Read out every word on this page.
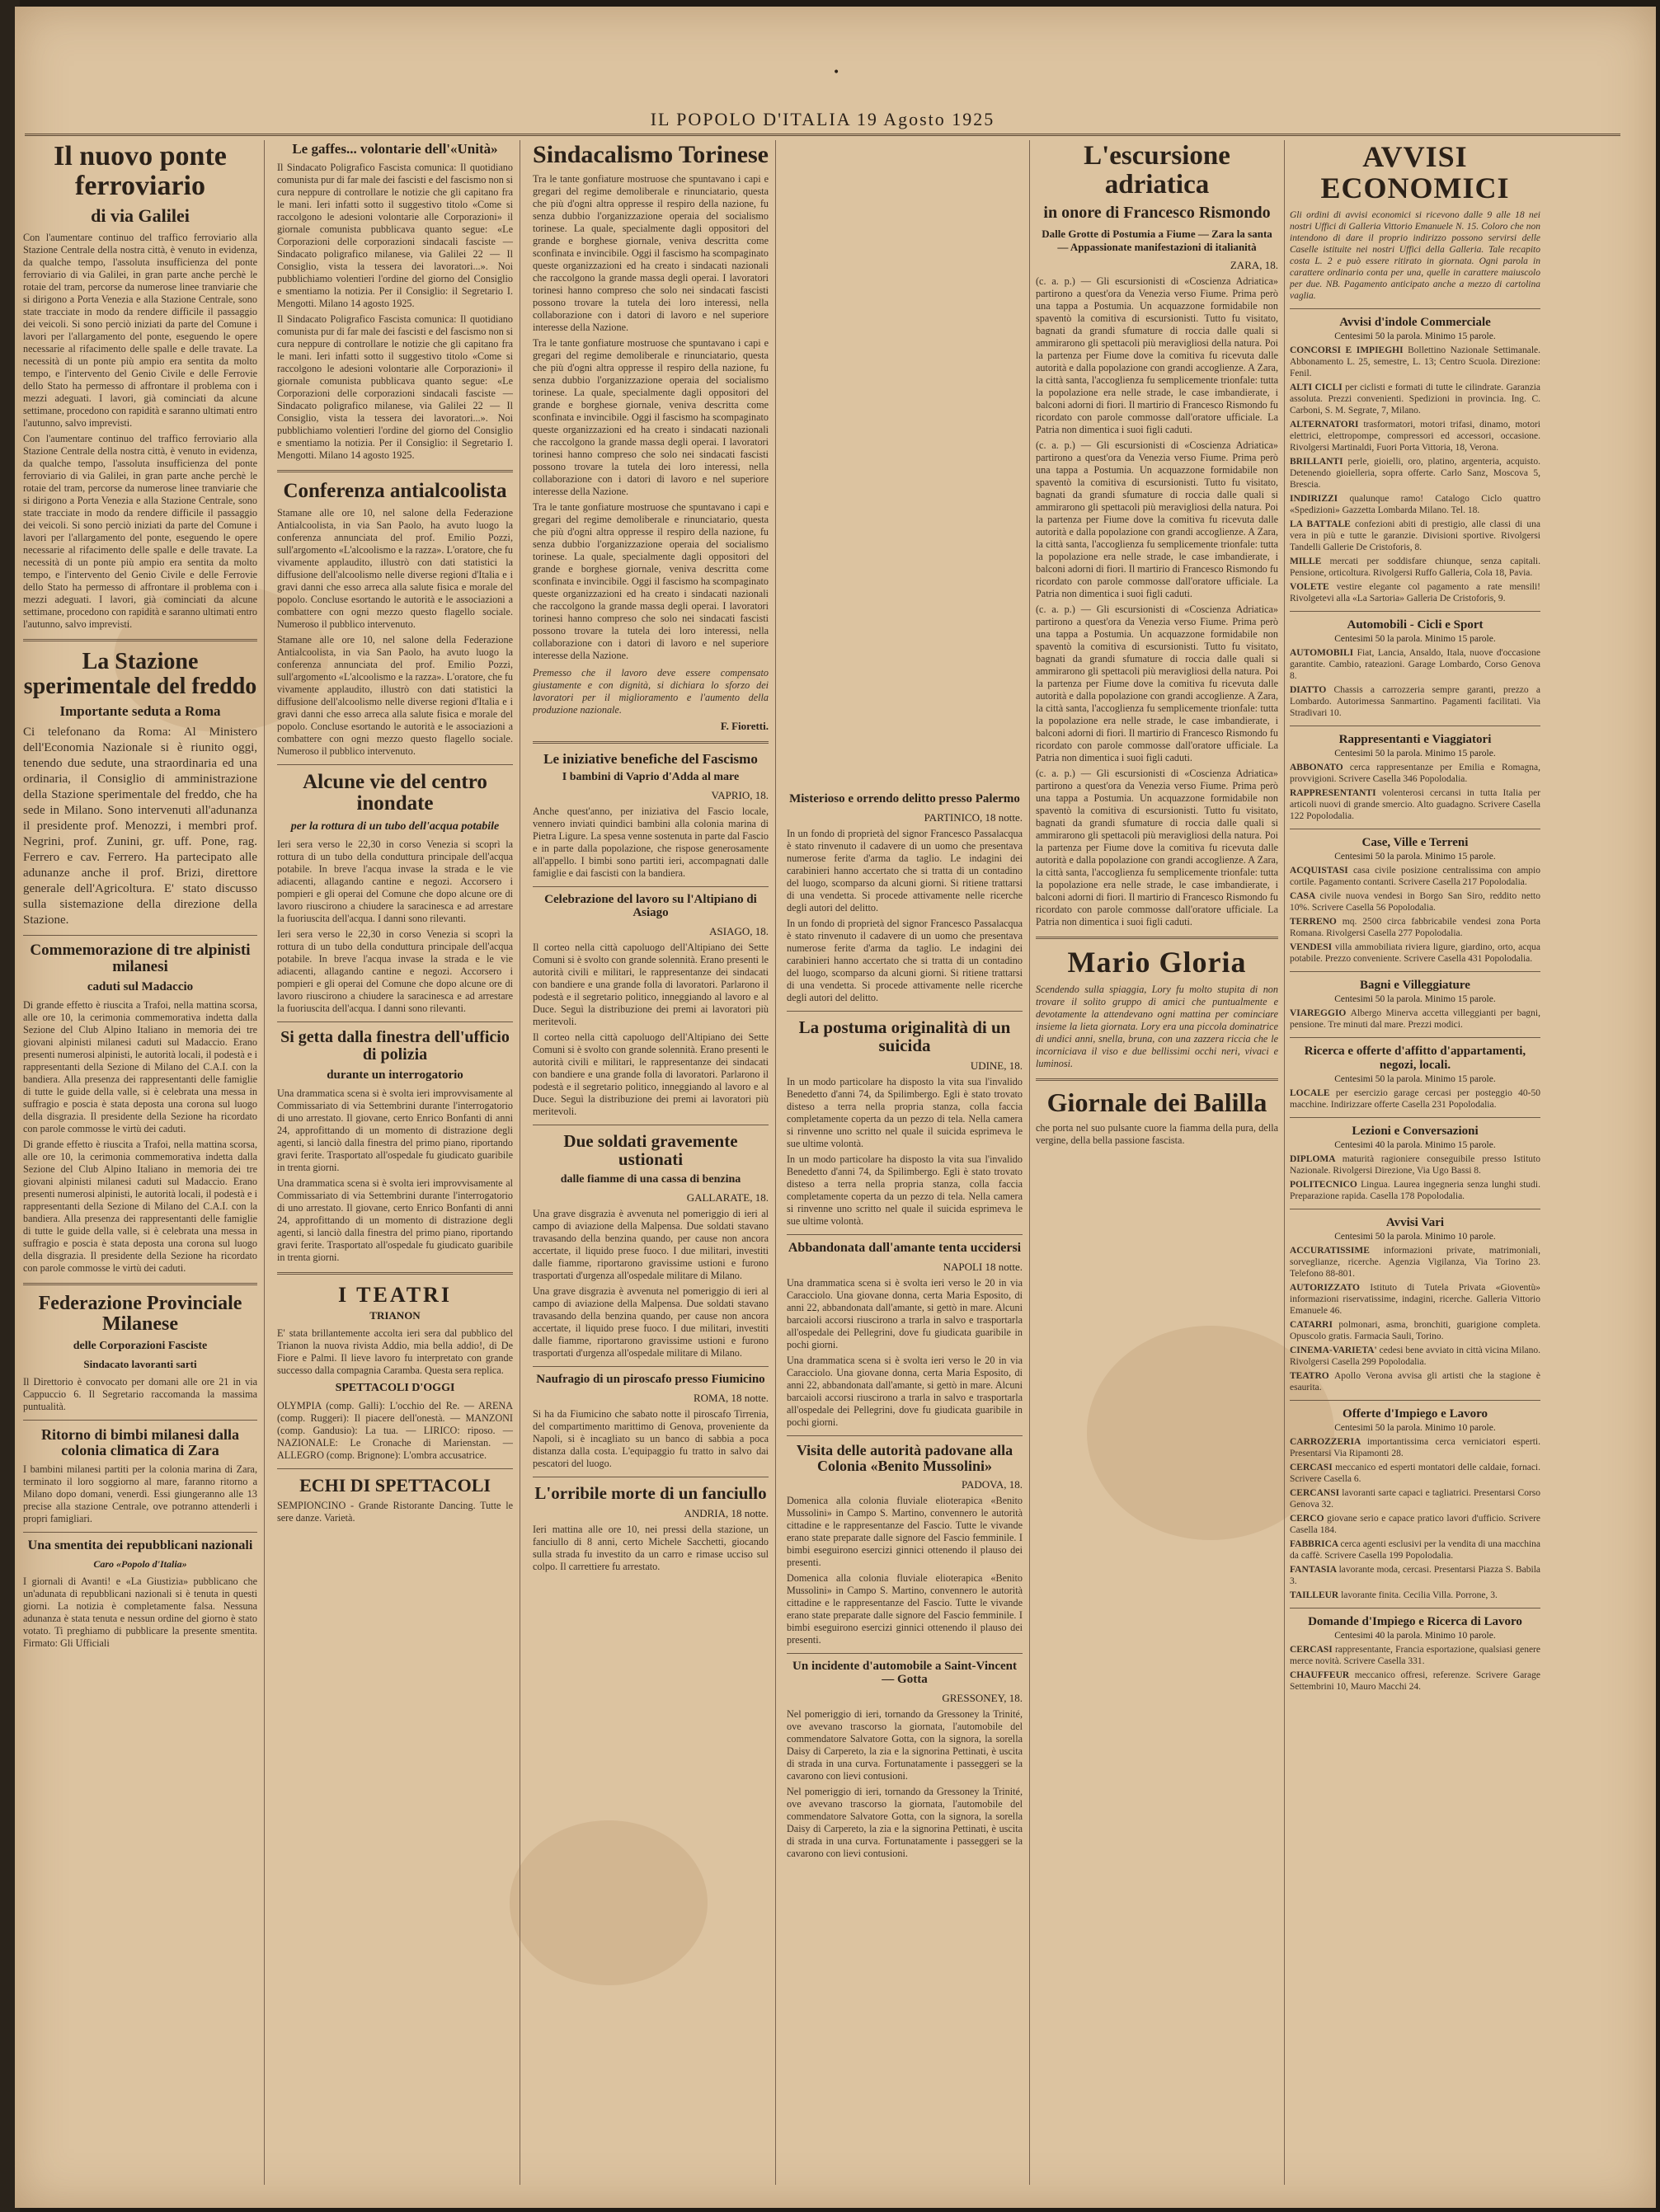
•
IL POPOLO D'ITALIA 19 Agosto 1925
Il nuovo ponte ferroviario
di via Galilei
Con l'aumentare continuo del traffico ferroviario alla Stazione Centrale della nostra città, è venuto in evidenza, da qualche tempo, l'assoluta insufficienza del ponte ferroviario di via Galilei, in gran parte anche perchè le rotaie del tram, percorse da numerose linee tranviarie che si dirigono a Porta Venezia e alla Stazione Centrale, sono state tracciate in modo da rendere difficile il passaggio dei veicoli. Si sono perciò iniziati da parte del Comune i lavori per l'allargamento del ponte, eseguendo le opere necessarie al rifacimento delle spalle e delle travate. La necessità di un ponte più ampio era sentita da molto tempo, e l'intervento del Genio Civile e delle Ferrovie dello Stato ha permesso di affrontare il problema con i mezzi adeguati. I lavori, già cominciati da alcune settimane, procedono con rapidità e saranno ultimati entro l'autunno, salvo imprevisti.
Con l'aumentare continuo del traffico ferroviario alla Stazione Centrale della nostra città, è venuto in evidenza, da qualche tempo, l'assoluta insufficienza del ponte ferroviario di via Galilei, in gran parte anche perchè le rotaie del tram, percorse da numerose linee tranviarie che si dirigono a Porta Venezia e alla Stazione Centrale, sono state tracciate in modo da rendere difficile il passaggio dei veicoli. Si sono perciò iniziati da parte del Comune i lavori per l'allargamento del ponte, eseguendo le opere necessarie al rifacimento delle spalle e delle travate. La necessità di un ponte più ampio era sentita da molto tempo, e l'intervento del Genio Civile e delle Ferrovie dello Stato ha permesso di affrontare il problema con i mezzi adeguati. I lavori, già cominciati da alcune settimane, procedono con rapidità e saranno ultimati entro l'autunno, salvo imprevisti.
La Stazione sperimentale del freddo
Importante seduta a Roma
Ci telefonano da Roma: Al Ministero dell'Economia Nazionale si è riunito oggi, tenendo due sedute, una straordinaria ed una ordinaria, il Consiglio di amministrazione della Stazione sperimentale del freddo, che ha sede in Milano. Sono intervenuti all'adunanza il presidente prof. Menozzi, i membri prof. Negrini, prof. Zunini, gr. uff. Pone, rag. Ferrero e cav. Ferrero. Ha partecipato alle adunanze anche il prof. Brizi, direttore generale dell'Agricoltura. E' stato discusso sulla sistemazione della direzione della Stazione.
Commemorazione di tre alpinisti milanesi
caduti sul Madaccio
Di grande effetto è riuscita a Trafoi, nella mattina scorsa, alle ore 10, la cerimonia commemorativa indetta dalla Sezione del Club Alpino Italiano in memoria dei tre giovani alpinisti milanesi caduti sul Madaccio. Erano presenti numerosi alpinisti, le autorità locali, il podestà e i rappresentanti della Sezione di Milano del C.A.I. con la bandiera. Alla presenza dei rappresentanti delle famiglie di tutte le guide della valle, si è celebrata una messa in suffragio e poscia è stata deposta una corona sul luogo della disgrazia. Il presidente della Sezione ha ricordato con parole commosse le virtù dei caduti.
Di grande effetto è riuscita a Trafoi, nella mattina scorsa, alle ore 10, la cerimonia commemorativa indetta dalla Sezione del Club Alpino Italiano in memoria dei tre giovani alpinisti milanesi caduti sul Madaccio. Erano presenti numerosi alpinisti, le autorità locali, il podestà e i rappresentanti della Sezione di Milano del C.A.I. con la bandiera. Alla presenza dei rappresentanti delle famiglie di tutte le guide della valle, si è celebrata una messa in suffragio e poscia è stata deposta una corona sul luogo della disgrazia. Il presidente della Sezione ha ricordato con parole commosse le virtù dei caduti.
Federazione Provinciale Milanese
delle Corporazioni Fasciste
Sindacato lavoranti sarti
Il Direttorio è convocato per domani alle ore 21 in via Cappuccio 6. Il Segretario raccomanda la massima puntualità.
Ritorno di bimbi milanesi dalla colonia climatica di Zara
I bambini milanesi partiti per la colonia marina di Zara, terminato il loro soggiorno al mare, faranno ritorno a Milano dopo domani, venerdì. Essi giungeranno alle 13 precise alla stazione Centrale, ove potranno attenderli i propri famigliari.
Una smentita dei repubblicani nazionali
Caro «Popolo d'Italia»
I giornali di Avanti! e «La Giustizia» pubblicano che un'adunata di repubblicani nazionali si è tenuta in questi giorni. La notizia è completamente falsa. Nessuna adunanza è stata tenuta e nessun ordine del giorno è stato votato. Ti preghiamo di pubblicare la presente smentita. Firmato: Gli Ufficiali
Le gaffes... volontarie dell'«Unità»
Il Sindacato Poligrafico Fascista comunica: Il quotidiano comunista pur di far male dei fascisti e del fascismo non si cura neppure di controllare le notizie che gli capitano fra le mani. Ieri infatti sotto il suggestivo titolo «Come si raccolgono le adesioni volontarie alle Corporazioni» il giornale comunista pubblicava quanto segue: «Le Corporazioni delle corporazioni sindacali fasciste — Sindacato poligrafico milanese, via Galilei 22 — Il Consiglio, vista la tessera dei lavoratori...». Noi pubblichiamo volentieri l'ordine del giorno del Consiglio e smentiamo la notizia. Per il Consiglio: il Segretario I. Mengotti. Milano 14 agosto 1925.
Il Sindacato Poligrafico Fascista comunica: Il quotidiano comunista pur di far male dei fascisti e del fascismo non si cura neppure di controllare le notizie che gli capitano fra le mani. Ieri infatti sotto il suggestivo titolo «Come si raccolgono le adesioni volontarie alle Corporazioni» il giornale comunista pubblicava quanto segue: «Le Corporazioni delle corporazioni sindacali fasciste — Sindacato poligrafico milanese, via Galilei 22 — Il Consiglio, vista la tessera dei lavoratori...». Noi pubblichiamo volentieri l'ordine del giorno del Consiglio e smentiamo la notizia. Per il Consiglio: il Segretario I. Mengotti. Milano 14 agosto 1925.
Conferenza antialcoolista
Stamane alle ore 10, nel salone della Federazione Antialcoolista, in via San Paolo, ha avuto luogo la conferenza annunciata del prof. Emilio Pozzi, sull'argomento «L'alcoolismo e la razza». L'oratore, che fu vivamente applaudito, illustrò con dati statistici la diffusione dell'alcoolismo nelle diverse regioni d'Italia e i gravi danni che esso arreca alla salute fisica e morale del popolo. Concluse esortando le autorità e le associazioni a combattere con ogni mezzo questo flagello sociale. Numeroso il pubblico intervenuto.
Stamane alle ore 10, nel salone della Federazione Antialcoolista, in via San Paolo, ha avuto luogo la conferenza annunciata del prof. Emilio Pozzi, sull'argomento «L'alcoolismo e la razza». L'oratore, che fu vivamente applaudito, illustrò con dati statistici la diffusione dell'alcoolismo nelle diverse regioni d'Italia e i gravi danni che esso arreca alla salute fisica e morale del popolo. Concluse esortando le autorità e le associazioni a combattere con ogni mezzo questo flagello sociale. Numeroso il pubblico intervenuto.
Alcune vie del centro inondate
per la rottura di un tubo dell'acqua potabile
Ieri sera verso le 22,30 in corso Venezia si scoprì la rottura di un tubo della conduttura principale dell'acqua potabile. In breve l'acqua invase la strada e le vie adiacenti, allagando cantine e negozi. Accorsero i pompieri e gli operai del Comune che dopo alcune ore di lavoro riuscirono a chiudere la saracinesca e ad arrestare la fuoriuscita dell'acqua. I danni sono rilevanti.
Ieri sera verso le 22,30 in corso Venezia si scoprì la rottura di un tubo della conduttura principale dell'acqua potabile. In breve l'acqua invase la strada e le vie adiacenti, allagando cantine e negozi. Accorsero i pompieri e gli operai del Comune che dopo alcune ore di lavoro riuscirono a chiudere la saracinesca e ad arrestare la fuoriuscita dell'acqua. I danni sono rilevanti.
Si getta dalla finestra dell'ufficio di polizia
durante un interrogatorio
Una drammatica scena si è svolta ieri improvvisamente al Commissariato di via Settembrini durante l'interrogatorio di uno arrestato. Il giovane, certo Enrico Bonfanti di anni 24, approfittando di un momento di distrazione degli agenti, si lanciò dalla finestra del primo piano, riportando gravi ferite. Trasportato all'ospedale fu giudicato guaribile in trenta giorni.
Una drammatica scena si è svolta ieri improvvisamente al Commissariato di via Settembrini durante l'interrogatorio di uno arrestato. Il giovane, certo Enrico Bonfanti di anni 24, approfittando di un momento di distrazione degli agenti, si lanciò dalla finestra del primo piano, riportando gravi ferite. Trasportato all'ospedale fu giudicato guaribile in trenta giorni.
I TEATRI
TRIANON
E' stata brillantemente accolta ieri sera dal pubblico del Trianon la nuova rivista Addio, mia bella addio!, di De Fiore e Palmi. Il lieve lavoro fu interpretato con grande successo dalla compagnia Caramba. Questa sera replica.
SPETTACOLI D'OGGI
OLYMPIA (comp. Galli): L'occhio del Re. — ARENA (comp. Ruggeri): Il piacere dell'onestà. — MANZONI (comp. Gandusio): La tua. — LIRICO: riposo. — NAZIONALE: Le Cronache di Marienstan. — ALLEGRO (comp. Brignone): L'ombra accusatrice.
ECHI DI SPETTACOLI
SEMPIONCINO - Grande Ristorante Dancing. Tutte le sere danze. Varietà.
Sindacalismo Torinese
Tra le tante gonfiature mostruose che spuntavano i capi e gregari del regime demoliberale e rinunciatario, questa che più d'ogni altra oppresse il respiro della nazione, fu senza dubbio l'organizzazione operaia del socialismo torinese. La quale, specialmente dagli oppositori del grande e borghese giornale, veniva descritta come sconfinata e invincibile. Oggi il fascismo ha scompaginato queste organizzazioni ed ha creato i sindacati nazionali che raccolgono la grande massa degli operai. I lavoratori torinesi hanno compreso che solo nei sindacati fascisti possono trovare la tutela dei loro interessi, nella collaborazione con i datori di lavoro e nel superiore interesse della Nazione.
Tra le tante gonfiature mostruose che spuntavano i capi e gregari del regime demoliberale e rinunciatario, questa che più d'ogni altra oppresse il respiro della nazione, fu senza dubbio l'organizzazione operaia del socialismo torinese. La quale, specialmente dagli oppositori del grande e borghese giornale, veniva descritta come sconfinata e invincibile. Oggi il fascismo ha scompaginato queste organizzazioni ed ha creato i sindacati nazionali che raccolgono la grande massa degli operai. I lavoratori torinesi hanno compreso che solo nei sindacati fascisti possono trovare la tutela dei loro interessi, nella collaborazione con i datori di lavoro e nel superiore interesse della Nazione.
Tra le tante gonfiature mostruose che spuntavano i capi e gregari del regime demoliberale e rinunciatario, questa che più d'ogni altra oppresse il respiro della nazione, fu senza dubbio l'organizzazione operaia del socialismo torinese. La quale, specialmente dagli oppositori del grande e borghese giornale, veniva descritta come sconfinata e invincibile. Oggi il fascismo ha scompaginato queste organizzazioni ed ha creato i sindacati nazionali che raccolgono la grande massa degli operai. I lavoratori torinesi hanno compreso che solo nei sindacati fascisti possono trovare la tutela dei loro interessi, nella collaborazione con i datori di lavoro e nel superiore interesse della Nazione.
Premesso che il lavoro deve essere compensato giustamente e con dignità, si dichiara lo sforzo dei lavoratori per il miglioramento e l'aumento della produzione nazionale.
F. Fioretti.
Le iniziative benefiche del Fascismo
I bambini di Vaprio d'Adda al mare
VAPRIO, 18.
Anche quest'anno, per iniziativa del Fascio locale, vennero inviati quindici bambini alla colonia marina di Pietra Ligure. La spesa venne sostenuta in parte dal Fascio e in parte dalla popolazione, che rispose generosamente all'appello. I bimbi sono partiti ieri, accompagnati dalle famiglie e dai fascisti con la bandiera.
Celebrazione del lavoro su l'Altipiano di Asiago
ASIAGO, 18.
Il corteo nella città capoluogo dell'Altipiano dei Sette Comuni si è svolto con grande solennità. Erano presenti le autorità civili e militari, le rappresentanze dei sindacati con bandiere e una grande folla di lavoratori. Parlarono il podestà e il segretario politico, inneggiando al lavoro e al Duce. Seguì la distribuzione dei premi ai lavoratori più meritevoli.
Il corteo nella città capoluogo dell'Altipiano dei Sette Comuni si è svolto con grande solennità. Erano presenti le autorità civili e militari, le rappresentanze dei sindacati con bandiere e una grande folla di lavoratori. Parlarono il podestà e il segretario politico, inneggiando al lavoro e al Duce. Seguì la distribuzione dei premi ai lavoratori più meritevoli.
Due soldati gravemente ustionati
dalle fiamme di una cassa di benzina
GALLARATE, 18.
Una grave disgrazia è avvenuta nel pomeriggio di ieri al campo di aviazione della Malpensa. Due soldati stavano travasando della benzina quando, per cause non ancora accertate, il liquido prese fuoco. I due militari, investiti dalle fiamme, riportarono gravissime ustioni e furono trasportati d'urgenza all'ospedale militare di Milano.
Una grave disgrazia è avvenuta nel pomeriggio di ieri al campo di aviazione della Malpensa. Due soldati stavano travasando della benzina quando, per cause non ancora accertate, il liquido prese fuoco. I due militari, investiti dalle fiamme, riportarono gravissime ustioni e furono trasportati d'urgenza all'ospedale militare di Milano.
Naufragio di un piroscafo presso Fiumicino
ROMA, 18 notte.
Si ha da Fiumicino che sabato notte il piroscafo Tirrenia, del compartimento marittimo di Genova, proveniente da Napoli, si è incagliato su un banco di sabbia a poca distanza dalla costa. L'equipaggio fu tratto in salvo dai pescatori del luogo.
L'orribile morte di un fanciullo
ANDRIA, 18 notte.
Ieri mattina alle ore 10, nei pressi della stazione, un fanciullo di 8 anni, certo Michele Sacchetti, giocando sulla strada fu investito da un carro e rimase ucciso sul colpo. Il carrettiere fu arrestato.
Misterioso e orrendo delitto presso Palermo
PARTINICO, 18 notte.
In un fondo di proprietà del signor Francesco Passalacqua è stato rinvenuto il cadavere di un uomo che presentava numerose ferite d'arma da taglio. Le indagini dei carabinieri hanno accertato che si tratta di un contadino del luogo, scomparso da alcuni giorni. Si ritiene trattarsi di una vendetta. Si procede attivamente nelle ricerche degli autori del delitto.
In un fondo di proprietà del signor Francesco Passalacqua è stato rinvenuto il cadavere di un uomo che presentava numerose ferite d'arma da taglio. Le indagini dei carabinieri hanno accertato che si tratta di un contadino del luogo, scomparso da alcuni giorni. Si ritiene trattarsi di una vendetta. Si procede attivamente nelle ricerche degli autori del delitto.
La postuma originalità di un suicida
UDINE, 18.
In un modo particolare ha disposto la vita sua l'invalido Benedetto d'anni 74, da Spilimbergo. Egli è stato trovato disteso a terra nella propria stanza, colla faccia completamente coperta da un pezzo di tela. Nella camera si rinvenne uno scritto nel quale il suicida esprimeva le sue ultime volontà.
In un modo particolare ha disposto la vita sua l'invalido Benedetto d'anni 74, da Spilimbergo. Egli è stato trovato disteso a terra nella propria stanza, colla faccia completamente coperta da un pezzo di tela. Nella camera si rinvenne uno scritto nel quale il suicida esprimeva le sue ultime volontà.
Abbandonata dall'amante tenta uccidersi
NAPOLI 18 notte.
Una drammatica scena si è svolta ieri verso le 20 in via Caracciolo. Una giovane donna, certa Maria Esposito, di anni 22, abbandonata dall'amante, si gettò in mare. Alcuni barcaioli accorsi riuscirono a trarla in salvo e trasportarla all'ospedale dei Pellegrini, dove fu giudicata guaribile in pochi giorni.
Una drammatica scena si è svolta ieri verso le 20 in via Caracciolo. Una giovane donna, certa Maria Esposito, di anni 22, abbandonata dall'amante, si gettò in mare. Alcuni barcaioli accorsi riuscirono a trarla in salvo e trasportarla all'ospedale dei Pellegrini, dove fu giudicata guaribile in pochi giorni.
Visita delle autorità padovane alla Colonia «Benito Mussolini»
PADOVA, 18.
Domenica alla colonia fluviale elioterapica «Benito Mussolini» in Campo S. Martino, convennero le autorità cittadine e le rappresentanze del Fascio. Tutte le vivande erano state preparate dalle signore del Fascio femminile. I bimbi eseguirono esercizi ginnici ottenendo il plauso dei presenti.
Domenica alla colonia fluviale elioterapica «Benito Mussolini» in Campo S. Martino, convennero le autorità cittadine e le rappresentanze del Fascio. Tutte le vivande erano state preparate dalle signore del Fascio femminile. I bimbi eseguirono esercizi ginnici ottenendo il plauso dei presenti.
Un incidente d'automobile a Saint-Vincent — Gotta
GRESSONEY, 18.
Nel pomeriggio di ieri, tornando da Gressoney la Trinité, ove avevano trascorso la giornata, l'automobile del commendatore Salvatore Gotta, con la signora, la sorella Daisy di Carpereto, la zia e la signorina Pettinati, è uscita di strada in una curva. Fortunatamente i passeggeri se la cavarono con lievi contusioni.
Nel pomeriggio di ieri, tornando da Gressoney la Trinité, ove avevano trascorso la giornata, l'automobile del commendatore Salvatore Gotta, con la signora, la sorella Daisy di Carpereto, la zia e la signorina Pettinati, è uscita di strada in una curva. Fortunatamente i passeggeri se la cavarono con lievi contusioni.
L'escursione adriatica
in onore di Francesco Rismondo
Dalle Grotte di Postumia a Fiume — Zara la santa — Appassionate manifestazioni di italianità
ZARA, 18.
(c. a. p.) — Gli escursionisti di «Coscienza Adriatica» partirono a quest'ora da Venezia verso Fiume. Prima però una tappa a Postumia. Un acquazzone formidabile non spaventò la comitiva di escursionisti. Tutto fu visitato, bagnati da grandi sfumature di roccia dalle quali si ammirarono gli spettacoli più meravigliosi della natura. Poi la partenza per Fiume dove la comitiva fu ricevuta dalle autorità e dalla popolazione con grandi accoglienze. A Zara, la città santa, l'accoglienza fu semplicemente trionfale: tutta la popolazione era nelle strade, le case imbandierate, i balconi adorni di fiori. Il martirio di Francesco Rismondo fu ricordato con parole commosse dall'oratore ufficiale. La Patria non dimentica i suoi figli caduti.
(c. a. p.) — Gli escursionisti di «Coscienza Adriatica» partirono a quest'ora da Venezia verso Fiume. Prima però una tappa a Postumia. Un acquazzone formidabile non spaventò la comitiva di escursionisti. Tutto fu visitato, bagnati da grandi sfumature di roccia dalle quali si ammirarono gli spettacoli più meravigliosi della natura. Poi la partenza per Fiume dove la comitiva fu ricevuta dalle autorità e dalla popolazione con grandi accoglienze. A Zara, la città santa, l'accoglienza fu semplicemente trionfale: tutta la popolazione era nelle strade, le case imbandierate, i balconi adorni di fiori. Il martirio di Francesco Rismondo fu ricordato con parole commosse dall'oratore ufficiale. La Patria non dimentica i suoi figli caduti.
(c. a. p.) — Gli escursionisti di «Coscienza Adriatica» partirono a quest'ora da Venezia verso Fiume. Prima però una tappa a Postumia. Un acquazzone formidabile non spaventò la comitiva di escursionisti. Tutto fu visitato, bagnati da grandi sfumature di roccia dalle quali si ammirarono gli spettacoli più meravigliosi della natura. Poi la partenza per Fiume dove la comitiva fu ricevuta dalle autorità e dalla popolazione con grandi accoglienze. A Zara, la città santa, l'accoglienza fu semplicemente trionfale: tutta la popolazione era nelle strade, le case imbandierate, i balconi adorni di fiori. Il martirio di Francesco Rismondo fu ricordato con parole commosse dall'oratore ufficiale. La Patria non dimentica i suoi figli caduti.
(c. a. p.) — Gli escursionisti di «Coscienza Adriatica» partirono a quest'ora da Venezia verso Fiume. Prima però una tappa a Postumia. Un acquazzone formidabile non spaventò la comitiva di escursionisti. Tutto fu visitato, bagnati da grandi sfumature di roccia dalle quali si ammirarono gli spettacoli più meravigliosi della natura. Poi la partenza per Fiume dove la comitiva fu ricevuta dalle autorità e dalla popolazione con grandi accoglienze. A Zara, la città santa, l'accoglienza fu semplicemente trionfale: tutta la popolazione era nelle strade, le case imbandierate, i balconi adorni di fiori. Il martirio di Francesco Rismondo fu ricordato con parole commosse dall'oratore ufficiale. La Patria non dimentica i suoi figli caduti.
Mario Gloria
Scendendo sulla spiaggia, Lory fu molto stupita di non trovare il solito gruppo di amici che puntualmente e devotamente la attendevano ogni mattina per cominciare insieme la lieta giornata. Lory era una piccola dominatrice di undici anni, snella, bruna, con una zazzera riccia che le incorniciava il viso e due bellissimi occhi neri, vivaci e luminosi.
Giornale dei Balilla
che porta nel suo pulsante cuore la fiamma della pura, della vergine, della bella passione fascista.
AVVISI ECONOMICI
Gli ordini di avvisi economici si ricevono dalle 9 alle 18 nei nostri Uffici di Galleria Vittorio Emanuele N. 15. Coloro che non intendono di dare il proprio indirizzo possono servirsi delle Caselle istituite nei nostri Uffici della Galleria. Tale recapito costa L. 2 e può essere ritirato in giornata. Ogni parola in carattere ordinario conta per una, quelle in carattere maiuscolo per due. NB. Pagamento anticipato anche a mezzo di cartolina vaglia.
Avvisi d'indole Commerciale
Centesimi 50 la parola. Minimo 15 parole.
CONCORSI E IMPIEGHI Bollettino Nazionale Settimanale. Abbonamento L. 25, semestre, L. 13; Centro Scuola. Direzione: Fenil.
ALTI CICLI per ciclisti e formati di tutte le cilindrate. Garanzia assoluta. Prezzi convenienti. Spedizioni in provincia. Ing. C. Carboni, S. M. Segrate, 7, Milano.
ALTERNATORI trasformatori, motori trifasi, dinamo, motori elettrici, elettropompe, compressori ed accessori, occasione. Rivolgersi Martinaldi, Fuori Porta Vittoria, 18, Verona.
BRILLANTI perle, gioielli, oro, platino, argenteria, acquisto. Detenendo gioielleria, sopra offerte. Carlo Sanz, Moscova 5, Brescia.
INDIRIZZI qualunque ramo! Catalogo Ciclo quattro «Spedizioni» Gazzetta Lombarda Milano. Tel. 18.
LA BATTALE confezioni abiti di prestigio, alle classi di una vera in più e tutte le garanzie. Divisioni sportive. Rivolgersi Tandelli Gallerie De Cristoforis, 8.
MILLE mercati per soddisfare chiunque, senza capitali. Pensione, orticoltura. Rivolgersi Ruffo Galleria, Cola 18, Pavia.
VOLETE vestire elegante col pagamento a rate mensili! Rivolgetevi alla «La Sartoria» Galleria De Cristoforis, 9.
Automobili - Cicli e Sport
Centesimi 50 la parola. Minimo 15 parole.
AUTOMOBILI Fiat, Lancia, Ansaldo, Itala, nuove d'occasione garantite. Cambio, rateazioni. Garage Lombardo, Corso Genova 8.
DIATTO Chassis a carrozzeria sempre garanti, prezzo a Lombardo. Autorimessa Sanmartino. Pagamenti facilitati. Via Stradivari 10.
Rappresentanti e Viaggiatori
Centesimi 50 la parola. Minimo 15 parole.
ABBONATO cerca rappresentanze per Emilia e Romagna, provvigioni. Scrivere Casella 346 Popolodalia.
RAPPRESENTANTI volenterosi cercansi in tutta Italia per articoli nuovi di grande smercio. Alto guadagno. Scrivere Casella 122 Popolodalia.
Case, Ville e Terreni
Centesimi 50 la parola. Minimo 15 parole.
ACQUISTASI casa civile posizione centralissima con ampio cortile. Pagamento contanti. Scrivere Casella 217 Popolodalia.
CASA civile nuova vendesi in Borgo San Siro, reddito netto 10%. Scrivere Casella 56 Popolodalia.
TERRENO mq. 2500 circa fabbricabile vendesi zona Porta Romana. Rivolgersi Casella 277 Popolodalia.
VENDESI villa ammobiliata riviera ligure, giardino, orto, acqua potabile. Prezzo conveniente. Scrivere Casella 431 Popolodalia.
Bagni e Villeggiature
Centesimi 50 la parola. Minimo 15 parole.
VIAREGGIO Albergo Minerva accetta villeggianti per bagni, pensione. Tre minuti dal mare. Prezzi modici.
Ricerca e offerte d'affitto d'appartamenti, negozi, locali.
Centesimi 50 la parola. Minimo 15 parole.
LOCALE per esercizio garage cercasi per posteggio 40-50 macchine. Indirizzare offerte Casella 231 Popolodalia.
Lezioni e Conversazioni
Centesimi 40 la parola. Minimo 15 parole.
DIPLOMA maturità ragioniere conseguibile presso Istituto Nazionale. Rivolgersi Direzione, Via Ugo Bassi 8.
POLITECNICO Lingua. Laurea ingegneria senza lunghi studi. Preparazione rapida. Casella 178 Popolodalia.
Avvisi Vari
Centesimi 50 la parola. Minimo 10 parole.
ACCURATISSIME informazioni private, matrimoniali, sorveglianze, ricerche. Agenzia Vigilanza, Via Torino 23. Telefono 88-801.
AUTORIZZATO Istituto di Tutela Privata «Gioventù» informazioni riservatissime, indagini, ricerche. Galleria Vittorio Emanuele 46.
CATARRI polmonari, asma, bronchiti, guarigione completa. Opuscolo gratis. Farmacia Sauli, Torino.
CINEMA-VARIETA' cedesi bene avviato in città vicina Milano. Rivolgersi Casella 299 Popolodalia.
TEATRO Apollo Verona avvisa gli artisti che la stagione è esaurita.
Offerte d'Impiego e Lavoro
Centesimi 50 la parola. Minimo 10 parole.
CARROZZERIA importantissima cerca verniciatori esperti. Presentarsi Via Ripamonti 28.
CERCASI meccanico ed esperti montatori delle caldaie, fornaci. Scrivere Casella 6.
CERCANSI lavoranti sarte capaci e tagliatrici. Presentarsi Corso Genova 32.
CERCO giovane serio e capace pratico lavori d'ufficio. Scrivere Casella 184.
FABBRICA cerca agenti esclusivi per la vendita di una macchina da caffè. Scrivere Casella 199 Popolodalia.
FANTASIA lavorante moda, cercasi. Presentarsi Piazza S. Babila 3.
TAILLEUR lavorante finita. Cecilia Villa. Porrone, 3.
Domande d'Impiego e Ricerca di Lavoro
Centesimi 40 la parola. Minimo 10 parole.
CERCASI rappresentante, Francia esportazione, qualsiasi genere merce novità. Scrivere Casella 331.
CHAUFFEUR meccanico offresi, referenze. Scrivere Garage Settembrini 10, Mauro Macchi 24.
